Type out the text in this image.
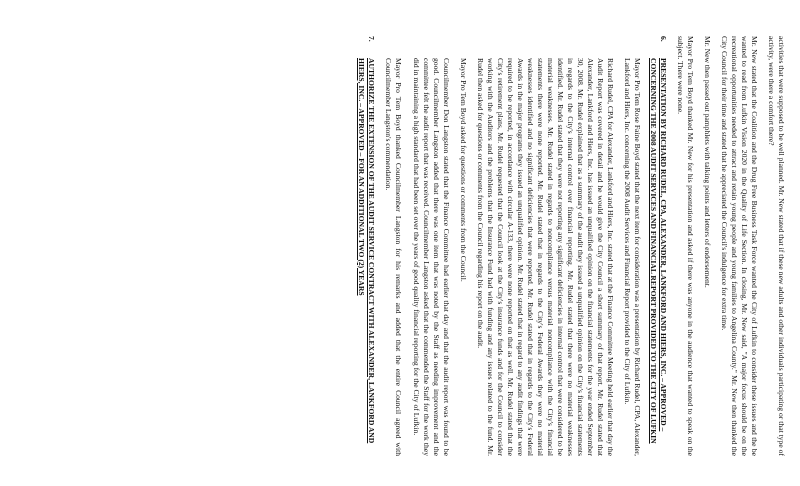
activities that were supposed to be well planned. Mr. New stated that if these new adults and other individuals participating or that type of activity, were there a comfort there?

Mr. New stated that the Coalition and the Drug Free Business Task Force wanted the City of Lufkin to consider these issues and the be wanted to read from Lufkin Vision 2020 in the Quality of Life Section. In closing, Mr. New said, "A major focus should be on the recreational opportunities needed to attract and retain young people and young families to Angelina County." Mr. New then thanked the City Council for their time and stated that he appreciated the Council's indulgence for extra time.

Mr. New then passed out pamphlets with talking points and letters of endorsement.

Mayor Pro Tem Boyd thanked Mr. New for his presentation and asked if there was anyone in the audience that wanted to speak on the subject. There were none.

6.
PRESENTATION BY RICHARD RUDEL, CPA, ALEXANDER, LANKFORD AND HIERS, INC. – APPROVED – CONCERNING THE 2008 AUDIT SERVICES AND FINANCIAL REPORT PROVIDED TO THE CITY OF LUFKIN

Mayor Pro Tem Rose Faine Boyd stated that the next item for consideration was a presentation by Richard Rudel, CPA, Alexander, Lankford and Hiers, Inc. concerning the 2008 Audit Services and Financial Report provided to the City of Lufkin.

Richard Rudel, CPA for Alexander, Lankford and Hiers, Inc. stated that at the Finance Committee Meeting held earlier that day the Audit Report was covered in detail and he would give the City Council a short summary of that report. Mr. Rudel stated that Alexander, Lankford and Hiers, Inc. has issued an unqualified opinion on the financial statements for the year ended September 30, 2008. Mr. Rudel explained that as a summary of the audit they issued a unqualified opinion on the City's financial statements in regards to the City's internal control over financial reporting. Mr. Rudel stated that there were no material weaknesses identified. Mr. Rudel stated that they were not reporting any significant deficiencies in internal control that were considered to be material weaknesses. Mr. Rudel stated in regards to noncompliance versus material noncompliance with the City's financial statements there were none reported. Mr. Rudel stated that in regards to the City's Federal Awards they were no material weaknesses identified and no significant deficiencies that were reported. Mr. Rudel stated that in regards to the City's Federal Awards in the major programs they issued an unqualified opinion. Mr. Rudel stated that in regard to any audit findings that were required to be reported, in accordance with circular A-133, there were none reported on that as well. Mr. Rudel stated that the City's retirement plans, Mr. Rudel requested that the Council look at the City's insurance funds and for the Council to consider working with the Auditors and the problems that the Insurance Fund had with funding and any issues related to the fund. Mr. Rudel then asked for questions or comments from the Council regarding his report on the audit.

Mayor Pro Tem Boyd asked for questions or comments from the Council.

Councilmember Don Langston stated that the Finance Committee had earlier that day and that the audit report was found to be good. Councilmember Langston added that there was one item that was noted by the Staff as needing improvement and the committee felt the audit report that was received. Councilmember Langston asked that the commended the Staff for the work they did in maintaining a high standard that had been set over the years of good quality financial reporting for the City of Lufkin.

Mayor Pro Tem Boyd thanked Councilmember Langston for his remarks and added that the entire Council agreed with Councilmember Langston's commendation.

7.
AUTHORIZE THE EXTENSION OF THE AUDIT SERVICE CONTRACT WITH ALEXANDER, LANKFORD AND HIERS, INC. – APPROVED – FOR AN ADDITIONAL TWO (2) YEARS
